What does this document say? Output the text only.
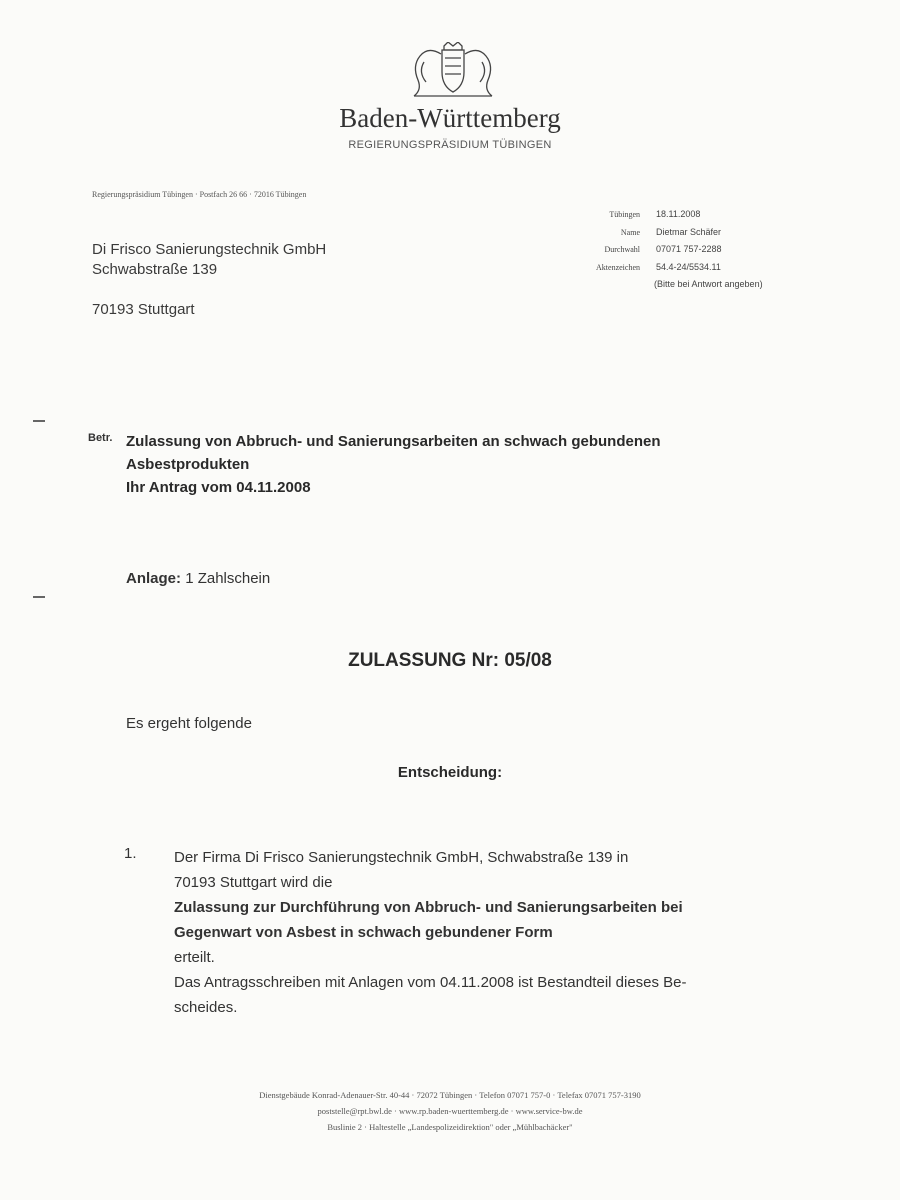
Baden-Württemberg
REGIERUNGSPRÄSIDIUM TÜBINGEN
Regierungspräsidium Tübingen · Postfach 26 66 · 72016 Tübingen
Di Frisco Sanierungstechnik GmbH
Schwabstraße 139
70193 Stuttgart
Tübingen
Name
Durchwahl
Aktenzeichen
18.11.2008
Dietmar Schäfer
07071 757-2288
54.4-24/5534.11
(Bitte bei Antwort angeben)
Betr. Zulassung von Abbruch- und Sanierungsarbeiten an schwach gebundenen
Asbestprodukten
Ihr Antrag vom 04.11.2008
Anlage: 1 Zahlschein
ZULASSUNG Nr: 05/08
Es ergeht folgende
Entscheidung:
1. Der Firma Di Frisco Sanierungstechnik GmbH, Schwabstraße 139 in
70193 Stuttgart wird die
Zulassung zur Durchführung von Abbruch- und Sanierungsarbeiten bei
Gegenwart von Asbest in schwach gebundener Form
erteilt.
Das Antragsschreiben mit Anlagen vom 04.11.2008 ist Bestandteil dieses Be-
scheides.
Dienstgebäude Konrad-Adenauer-Str. 40-44 · 72072 Tübingen · Telefon 07071 757-0 · Telefax 07071 757-3190
poststelle@rpt.bwl.de · www.rp.baden-wuerttemberg.de · www.service-bw.de
Buslinie 2 · Haltestelle „Landespolizeidirektion" oder „Mühlbachäcker"
